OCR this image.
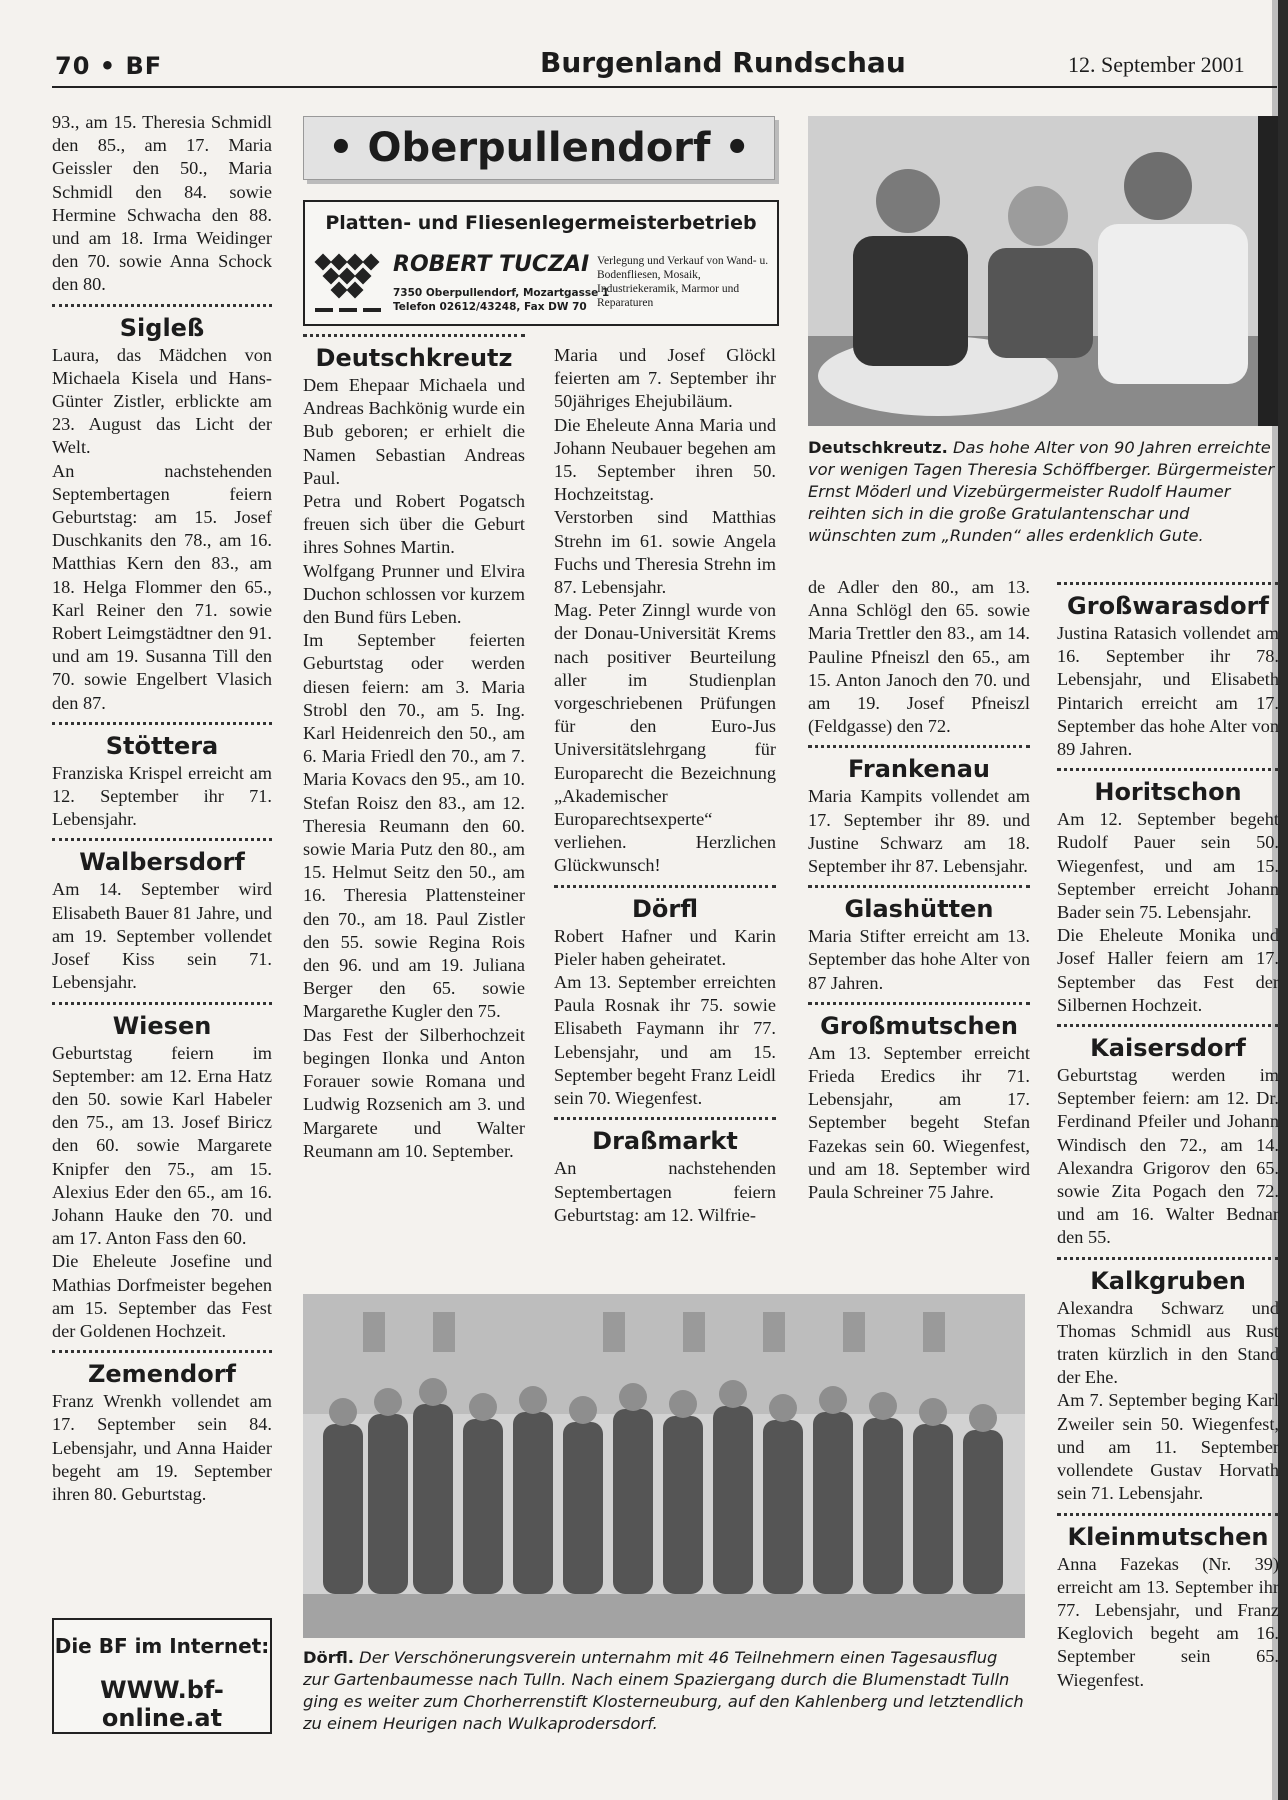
70 • BF	Burgenland Rundschau	12. September 2001

93., am 15. Theresia Schmidl den 85., am 17. Maria Geissler den 50., Maria Schmidl den 84. sowie Hermine Schwacha den 88. und am 18. Irma Weidinger den 70. sowie Anna Schock den 80.

Sigleß

Laura, das Mädchen von Michaela Kisela und Hans-Günter Zistler, erblickte am 23. August das Licht der Welt.

An nachstehenden Septembertagen feiern Geburtstag: am 15. Josef Duschkanits den 78., am 16. Matthias Kern den 83., am 18. Helga Flommer den 65., Karl Reiner den 71. sowie Robert Leimgstädtner den 91. und am 19. Susanna Till den 70. sowie Engelbert Vlasich den 87.

Stöttera

Franziska Krispel erreicht am 12. September ihr 71. Lebensjahr.

Walbersdorf

Am 14. September wird Elisabeth Bauer 81 Jahre, und am 19. September vollendet Josef Kiss sein 71. Lebensjahr.

Wiesen

Geburtstag feiern im September: am 12. Erna Hatz den 50. sowie Karl Habeler den 75., am 13. Josef Biricz den 60. sowie Margarete Knipfer den 75., am 15. Alexius Eder den 65., am 16. Johann Hauke den 70. und am 17. Anton Fass den 60.

Die Eheleute Josefine und Mathias Dorfmeister begehen am 15. September das Fest der Goldenen Hochzeit.

Zemendorf

Franz Wrenkh vollendet am 17. September sein 84. Lebensjahr, und Anna Haider begeht am 19. September ihren 80. Geburtstag.

Die BF im Internet:
WWW.bf-online.at
• Oberpullendorf •
Platten- und Fliesenlegermeisterbetrieb
ROBERT TUCZAI
7350 Oberpullendorf, Mozartgasse 1
Telefon 02612/43248, Fax DW 70
Verlegung und Verkauf von Wand- u. Bodenfliesen, Mosaik, Industriekeramik, Marmor und Reparaturen
Deutschkreutz

Dem Ehepaar Michaela und Andreas Bachkönig wurde ein Bub geboren; er erhielt die Namen Sebastian Andreas Paul.

Petra und Robert Pogatsch freuen sich über die Geburt ihres Sohnes Martin.

Wolfgang Prunner und Elvira Duchon schlossen vor kurzem den Bund fürs Leben.

Im September feierten Geburtstag oder werden diesen feiern: am 3. Maria Strobl den 70., am 5. Ing. Karl Heidenreich den 50., am 6. Maria Friedl den 70., am 7. Maria Kovacs den 95., am 10. Stefan Roisz den 83., am 12. Theresia Reumann den 60. sowie Maria Putz den 80., am 15. Helmut Seitz den 50., am 16. Theresia Plattensteiner den 70., am 18. Paul Zistler den 55. sowie Regina Rois den 96. und am 19. Juliana Berger den 65. sowie Margarethe Kugler den 75.

Das Fest der Silberhochzeit begingen Ilonka und Anton Forauer sowie Romana und Ludwig Rozsenich am 3. und Margarete und Walter Reumann am 10. September.

Maria und Josef Glöckl feierten am 7. September ihr 50jähriges Ehejubiläum.

Die Eheleute Anna Maria und Johann Neubauer begehen am 15. September ihren 50. Hochzeitstag.

Verstorben sind Matthias Strehn im 61. sowie Angela Fuchs und Theresia Strehn im 87. Lebensjahr.

Mag. Peter Zinngl wurde von der Donau-Universität Krems nach positiver Beurteilung aller im Studienplan vorgeschriebenen Prüfungen für den Euro-Jus Universitätslehrgang für Europarecht die Bezeichnung „Akademischer Europarechtsexperte“ verliehen. Herzlichen Glückwunsch!

Dörfl

Robert Hafner und Karin Pieler haben geheiratet.

Am 13. September erreichten Paula Rosnak ihr 75. sowie Elisabeth Faymann ihr 77. Lebensjahr, und am 15. September begeht Franz Leidl sein 70. Wiegenfest.

Draßmarkt

An nachstehenden Septembertagen feiern Geburtstag: am 12. Wilfrie-

Deutschkreutz. Das hohe Alter von 90 Jahren erreichte vor wenigen Tagen Theresia Schöffberger. Bürgermeister Ernst Möderl und Vizebürgermeister Rudolf Haumer reihten sich in die große Gratulantenschar und wünschten zum „Runden“ alles erdenklich Gute.

de Adler den 80., am 13. Anna Schlögl den 65. sowie Maria Trettler den 83., am 14. Pauline Pfneiszl den 65., am 15. Anton Janoch den 70. und am 19. Josef Pfneiszl (Feldgasse) den 72.

Frankenau

Maria Kampits vollendet am 17. September ihr 89. und Justine Schwarz am 18. September ihr 87. Lebensjahr.

Glashütten

Maria Stifter erreicht am 13. September das hohe Alter von 87 Jahren.

Großmutschen

Am 13. September erreicht Frieda Eredics ihr 71. Lebensjahr, am 17. September begeht Stefan Fazekas sein 60. Wiegenfest, und am 18. September wird Paula Schreiner 75 Jahre.

Großwarasdorf

Justina Ratasich vollendet am 16. September ihr 78. Lebensjahr, und Elisabeth Pintarich erreicht am 17. September das hohe Alter von 89 Jahren.

Horitschon

Am 12. September begeht Rudolf Pauer sein 50. Wiegenfest, und am 15. September erreicht Johann Bader sein 75. Lebensjahr.

Die Eheleute Monika und Josef Haller feiern am 17. September das Fest der Silbernen Hochzeit.

Kaisersdorf

Geburtstag werden im September feiern: am 12. Dr. Ferdinand Pfeiler und Johann Windisch den 72., am 14. Alexandra Grigorov den 65. sowie Zita Pogach den 72. und am 16. Walter Bednar den 55.

Kalkgruben

Alexandra Schwarz und Thomas Schmidl aus Rust traten kürzlich in den Stand der Ehe.

Am 7. September beging Karl Zweiler sein 50. Wiegenfest, und am 11. September vollendete Gustav Horvath sein 71. Lebensjahr.

Kleinmutschen

Anna Fazekas (Nr. 39) erreicht am 13. September ihr 77. Lebensjahr, und Franz Keglovich begeht am 16. September sein 65. Wiegenfest.

Dörfl. Der Verschönerungsverein unternahm mit 46 Teilnehmern einen Tagesausflug zur Gartenbaumesse nach Tulln. Nach einem Spaziergang durch die Blumenstadt Tulln ging es weiter zum Chorherrenstift Klosterneuburg, auf den Kahlenberg und letztendlich zu einem Heurigen nach Wulkaprodersdorf.
